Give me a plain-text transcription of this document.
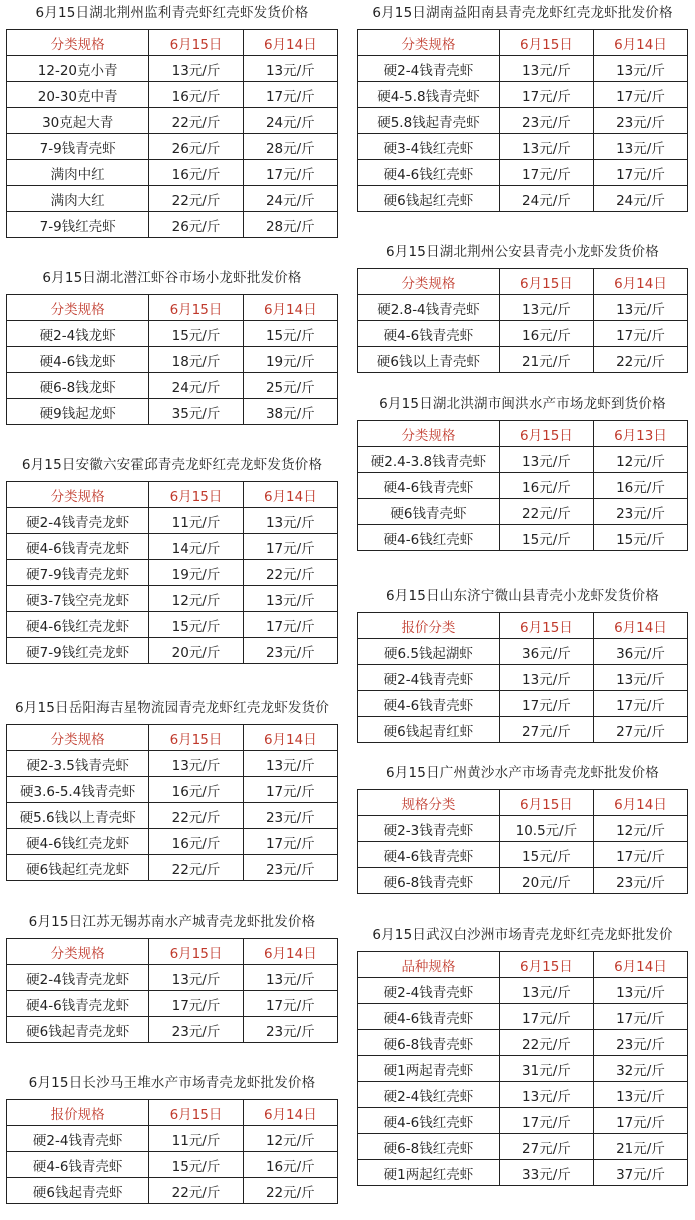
6月15日湖北荆州监利青壳虾红壳虾发货价格
分类规格	6月15日	6月14日
12-20克小青	13元/斤	13元/斤
20-30克中青	16元/斤	17元/斤
30克起大青	22元/斤	24元/斤
7-9钱青壳虾	26元/斤	28元/斤
满肉中红	16元/斤	17元/斤
满肉大红	22元/斤	24元/斤
7-9钱红壳虾	26元/斤	28元/斤
6月15日湖北潜江虾谷市场小龙虾批发价格
分类规格	6月15日	6月14日
硬2-4钱龙虾	15元/斤	15元/斤
硬4-6钱龙虾	18元/斤	19元/斤
硬6-8钱龙虾	24元/斤	25元/斤
硬9钱起龙虾	35元/斤	38元/斤
6月15日安徽六安霍邱青壳龙虾红壳龙虾发货价格
分类规格	6月15日	6月14日
硬2-4钱青壳龙虾	11元/斤	13元/斤
硬4-6钱青壳龙虾	14元/斤	17元/斤
硬7-9钱青壳龙虾	19元/斤	22元/斤
硬3-7钱空壳龙虾	12元/斤	13元/斤
硬4-6钱红壳龙虾	15元/斤	17元/斤
硬7-9钱红壳龙虾	20元/斤	23元/斤
6月15日岳阳海吉星物流园青壳龙虾红壳龙虾发货价
分类规格	6月15日	6月14日
硬2-3.5钱青壳虾	13元/斤	13元/斤
硬3.6-5.4钱青壳虾	16元/斤	17元/斤
硬5.6钱以上青壳虾	22元/斤	23元/斤
硬4-6钱红壳龙虾	16元/斤	17元/斤
硬6钱起红壳龙虾	22元/斤	23元/斤
6月15日江苏无锡苏南水产城青壳龙虾批发价格
分类规格	6月15日	6月14日
硬2-4钱青壳龙虾	13元/斤	13元/斤
硬4-6钱青壳龙虾	17元/斤	17元/斤
硬6钱起青壳龙虾	23元/斤	23元/斤
6月15日长沙马王堆水产市场青壳龙虾批发价格
报价规格	6月15日	6月14日
硬2-4钱青壳虾	11元/斤	12元/斤
硬4-6钱青壳虾	15元/斤	16元/斤
硬6钱起青壳虾	22元/斤	22元/斤
6月15日湖南益阳南县青壳龙虾红壳龙虾批发价格
分类规格	6月15日	6月14日
硬2-4钱青壳虾	13元/斤	13元/斤
硬4-5.8钱青壳虾	17元/斤	17元/斤
硬5.8钱起青壳虾	23元/斤	23元/斤
硬3-4钱红壳虾	13元/斤	13元/斤
硬4-6钱红壳虾	17元/斤	17元/斤
硬6钱起红壳虾	24元/斤	24元/斤
6月15日湖北荆州公安县青壳小龙虾发货价格
分类规格	6月15日	6月14日
硬2.8-4钱青壳虾	13元/斤	13元/斤
硬4-6钱青壳虾	16元/斤	17元/斤
硬6钱以上青壳虾	21元/斤	22元/斤
6月15日湖北洪湖市闽洪水产市场龙虾到货价格
分类规格	6月15日	6月13日
硬2.4-3.8钱青壳虾	13元/斤	12元/斤
硬4-6钱青壳虾	16元/斤	16元/斤
硬6钱青壳虾	22元/斤	23元/斤
硬4-6钱红壳虾	15元/斤	15元/斤
6月15日山东济宁微山县青壳小龙虾发货价格
报价分类	6月15日	6月14日
硬6.5钱起湖虾	36元/斤	36元/斤
硬2-4钱青壳虾	13元/斤	13元/斤
硬4-6钱青壳虾	17元/斤	17元/斤
硬6钱起青红虾	27元/斤	27元/斤
6月15日广州黄沙水产市场青壳龙虾批发价格
规格分类	6月15日	6月14日
硬2-3钱青壳虾	10.5元/斤	12元/斤
硬4-6钱青壳虾	15元/斤	17元/斤
硬6-8钱青壳虾	20元/斤	23元/斤
6月15日武汉白沙洲市场青壳龙虾红壳龙虾批发价
品种规格	6月15日	6月14日
硬2-4钱青壳虾	13元/斤	13元/斤
硬4-6钱青壳虾	17元/斤	17元/斤
硬6-8钱青壳虾	22元/斤	23元/斤
硬1两起青壳虾	31元/斤	32元/斤
硬2-4钱红壳虾	13元/斤	13元/斤
硬4-6钱红壳虾	17元/斤	17元/斤
硬6-8钱红壳虾	27元/斤	21元/斤
硬1两起红壳虾	33元/斤	37元/斤
